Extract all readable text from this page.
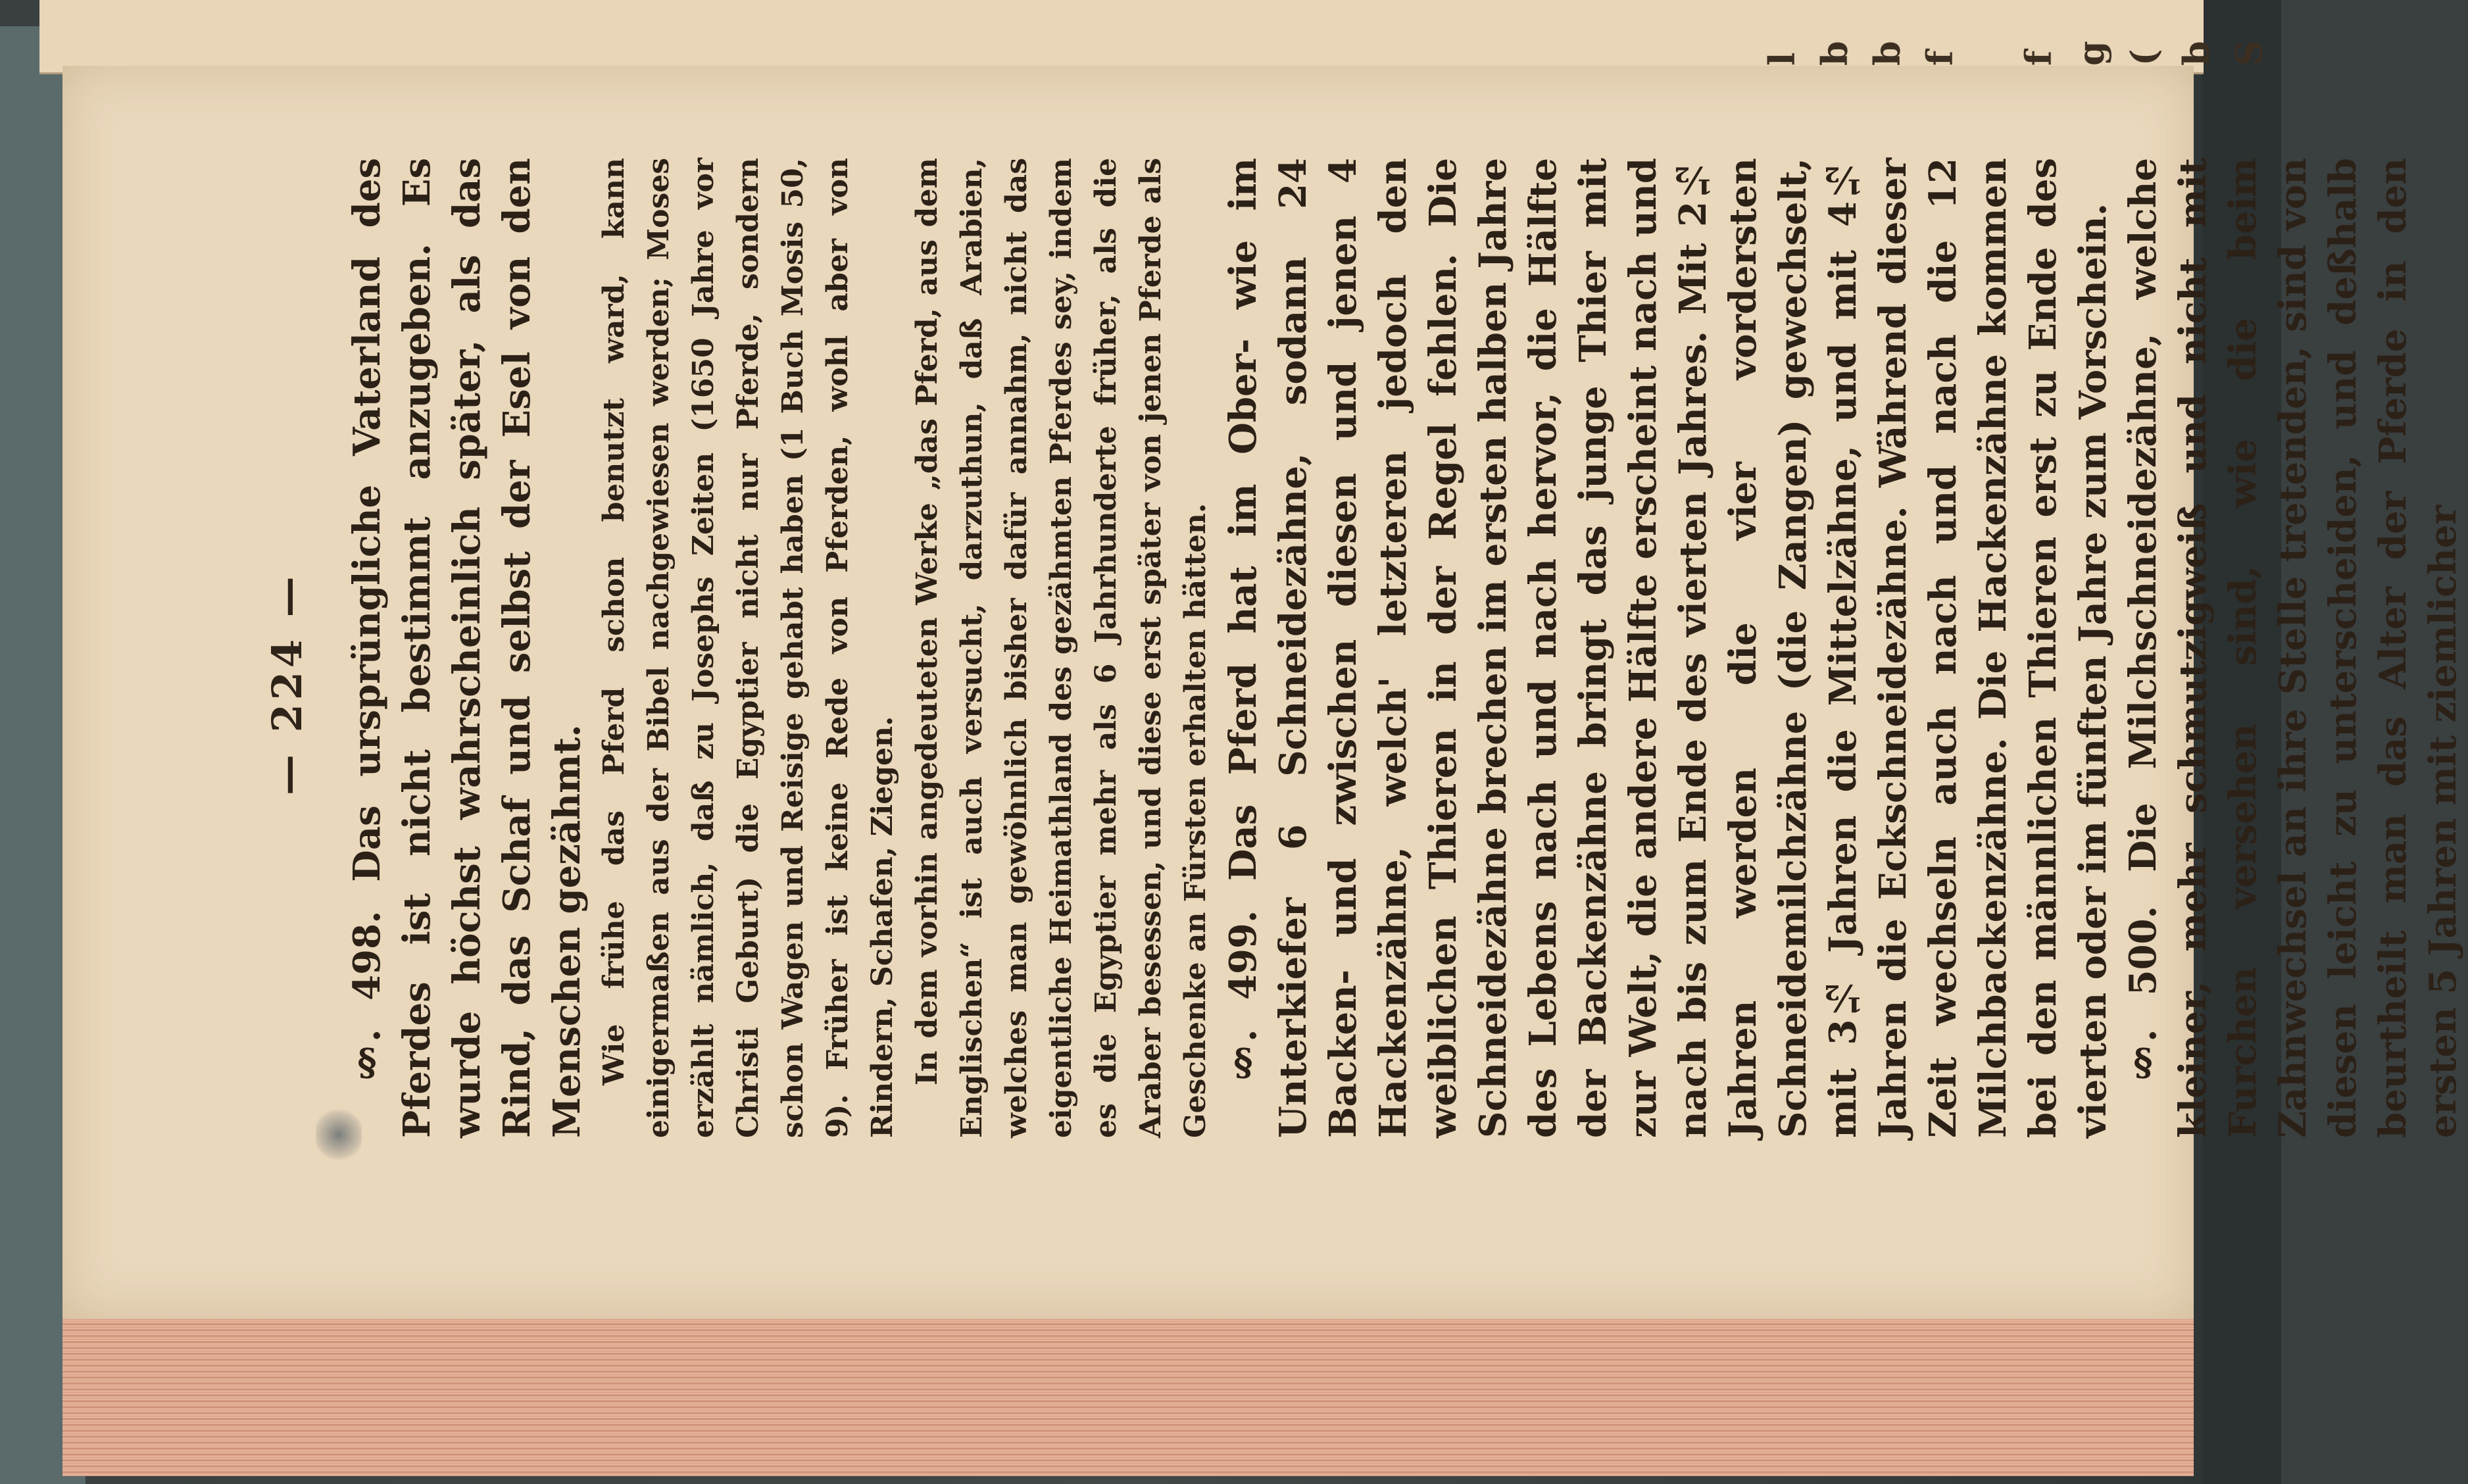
S
b
(
g
f
f
b
b
l
— 224 — §. 498. Das ursprüngliche Vaterland des Pferdes ist nicht bestimmt anzugeben. Es wurde höchst wahrscheinlich später, als das Rind, das Schaf und selbst der Esel von den Menschen gezähmt. Wie frühe das Pferd schon benutzt ward, kann einigermaßen aus der Bibel nachgewiesen werden; Moses erzählt nämlich, daß zu Josephs Zeiten (1650 Jahre vor Christi Geburt) die Egyptier nicht nur Pferde, sondern schon Wagen und Reisige gehabt haben (1 Buch Mosis 50, 9). Früher ist keine Rede von Pferden, wohl aber von Rindern, Schafen, Ziegen. In dem vorhin angedeuteten Werke „das Pferd, aus dem Englischen“ ist auch versucht, darzuthun, daß Arabien, welches man gewöhnlich bisher dafür annahm, nicht das eigentliche Heimathland des gezähmten Pferdes sey, indem es die Egyptier mehr als 6 Jahrhunderte früher, als die Araber besessen, und diese erst später von jenen Pferde als Geschenke an Fürsten erhalten hätten. §. 499. Das Pferd hat im Ober- wie im Unterkiefer 6 Schneidezähne, sodann 24 Backen- und zwischen diesen und jenen 4 Hackenzähne, welch' letzteren jedoch den weiblichen Thieren in der Regel fehlen. Die Schneidezähne brechen im ersten halben Jahre des Lebens nach und nach hervor, die Hälfte der Backenzähne bringt das junge Thier mit zur Welt, die andere Hälfte erscheint nach und nach bis zum Ende des vierten Jahres. Mit 2½ Jahren werden die vier vordersten Schneidemilchzähne (die Zangen) gewechselt, mit 3½ Jahren die Mittelzähne, und mit 4½ Jahren die Eckschneidezähne. Während dieser Zeit wechseln auch nach und nach die 12 Milchbackenzähne. Die Hackenzähne kommen bei den männlichen Thieren erst zu Ende des vierten oder im fünften Jahre zum Vorschein. §. 500. Die Milchschneidezähne, welche kleiner, mehr schmutzigweiß und nicht mit Furchen versehen sind, wie die beim Zahnwechsel an ihre Stelle tretenden, sind von diesen leicht zu unterscheiden, und deßhalb beurtheilt man das Alter der Pferde in den ersten 5 Jahren mit ziemlicher
